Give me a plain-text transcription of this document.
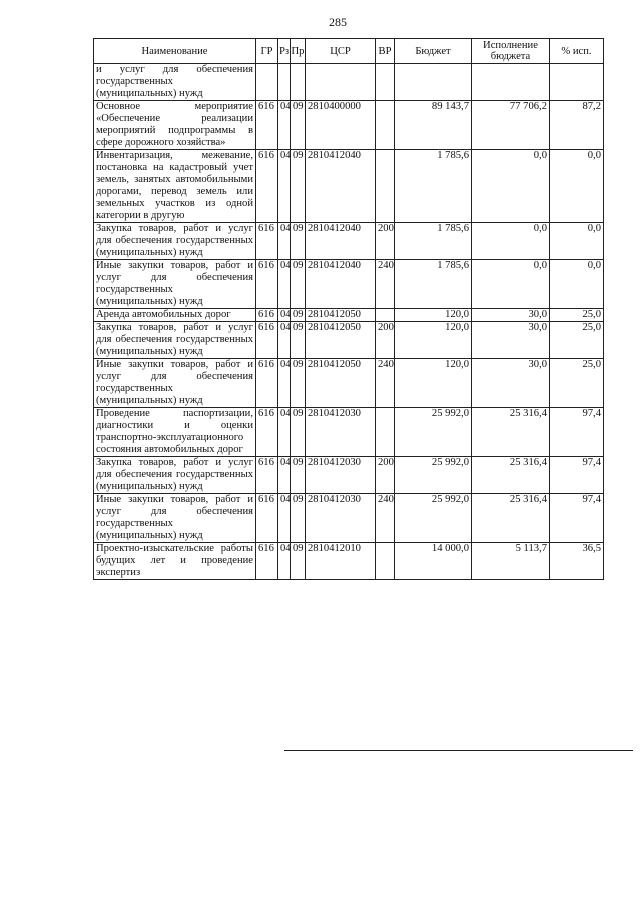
285
Наименование	ГР	Рз	Пр	ЦСР	ВР	Бюджет	Исполнение бюджета	% исп.
и услуг для обеспечения государственных (муниципальных) нужд								
Основное мероприятие «Обеспечение реализации мероприятий подпрограммы в сфере дорожного хозяйства»	616	04	09	2810400000		89 143,7	77 706,2	87,2
Инвентаризация, межевание, постановка на кадастровый учет земель, занятых автомобильными дорогами, перевод земель или земельных участков из одной категории в другую	616	04	09	2810412040		1 785,6	0,0	0,0
Закупка товаров, работ и услуг для обеспечения государственных (муниципальных) нужд	616	04	09	2810412040	200	1 785,6	0,0	0,0
Иные закупки товаров, работ и услуг для обеспечения государственных (муниципальных) нужд	616	04	09	2810412040	240	1 785,6	0,0	0,0
Аренда автомобильных дорог	616	04	09	2810412050		120,0	30,0	25,0
Закупка товаров, работ и услуг для обеспечения государственных (муниципальных) нужд	616	04	09	2810412050	200	120,0	30,0	25,0
Иные закупки товаров, работ и услуг для обеспечения государственных (муниципальных) нужд	616	04	09	2810412050	240	120,0	30,0	25,0
Проведение паспортизации, диагностики и оценки транспортно-эксплуатационного состояния автомобильных дорог	616	04	09	2810412030		25 992,0	25 316,4	97,4
Закупка товаров, работ и услуг для обеспечения государственных (муниципальных) нужд	616	04	09	2810412030	200	25 992,0	25 316,4	97,4
Иные закупки товаров, работ и услуг для обеспечения государственных (муниципальных) нужд	616	04	09	2810412030	240	25 992,0	25 316,4	97,4
Проектно-изыскательские работы будущих лет и проведение экспертиз	616	04	09	2810412010		14 000,0	5 113,7	36,5
